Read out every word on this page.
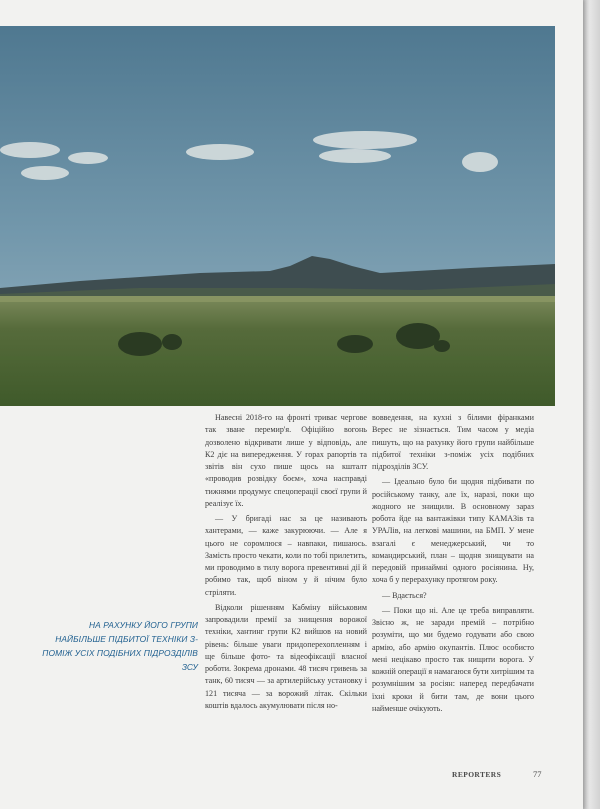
НА РАХУНКУ ЙОГО ГРУПИ НАЙБІЛЬШЕ ПІДБИТОЇ ТЕХНІКИ З-ПОМІЖ УСІХ ПОДІБНИХ ПІДРОЗДІЛІВ ЗСУ

Навесні 2018-го на фронті триває чергове так зване перемир'я. Офіційно вогонь дозволено відкривати лише у відповідь, але К2 діє на випередження. У горах рапортів та звітів він сухо пише щось на кшталт «проводив розвідку боєм», хоча насправді тижнями продумує спецоперації своєї групи й реалізує їх.

— У бригаді нас за це називають хантерами, — каже закурюючи. — Але я цього не соромлюся – навпаки, пишаюсь. Замість просто чекати, коли по тобі прилетить, ми проводимо в тилу ворога превентивні дії й робимо так, щоб віном у й нічим було стріляти.

Відколи рішенням Кабміну військовим запровадили премії за знищення ворожої техніки, хантинг групи К2 вийшов на новий рівень: більше уваги придоперехопленням і ще більше фото- та відеофіксації власної роботи. Зокрема дронами. 48 тисяч гривень за танк, 60 тисяч — за артилерійську установку і 121 тисяча — за ворожий літак. Скільки коштів вдалось акумулювати після но-

вовведення, на кухні з білими фіранками Верес не зізнається. Тим часом у медіа пишуть, що на рахунку його групи найбільше підбитої техніки з-поміж усіх подібних підрозділів ЗСУ.

— Ідеально було би щодня підбивати по російському танку, але їх, наразі, поки що жодного не знищили. В основному зараз робота йде на вантажівки типу КАМАЗів та УРАЛів, на легкові машини, на БМП. У мене взагалі є менеджерський, чи то командирський, план – щодня знищувати на передовій принаймні одного росіянина. Ну, хоча б у перерахунку протягом року.

— Вдається?

— Поки що ні. Але це треба виправляти. Звісно ж, не заради премій – потрібно розуміти, що ми будемо годувати або свою армію, або армію окупантів. Плюс особисто мені нецікаво просто так нищити ворога. У кожній операції я намагаюся бути хитрішим та розумнішим за росіян: наперед передбачати їхні кроки й бити там, де вони цього найменше очікують.

REPORTERS	77
